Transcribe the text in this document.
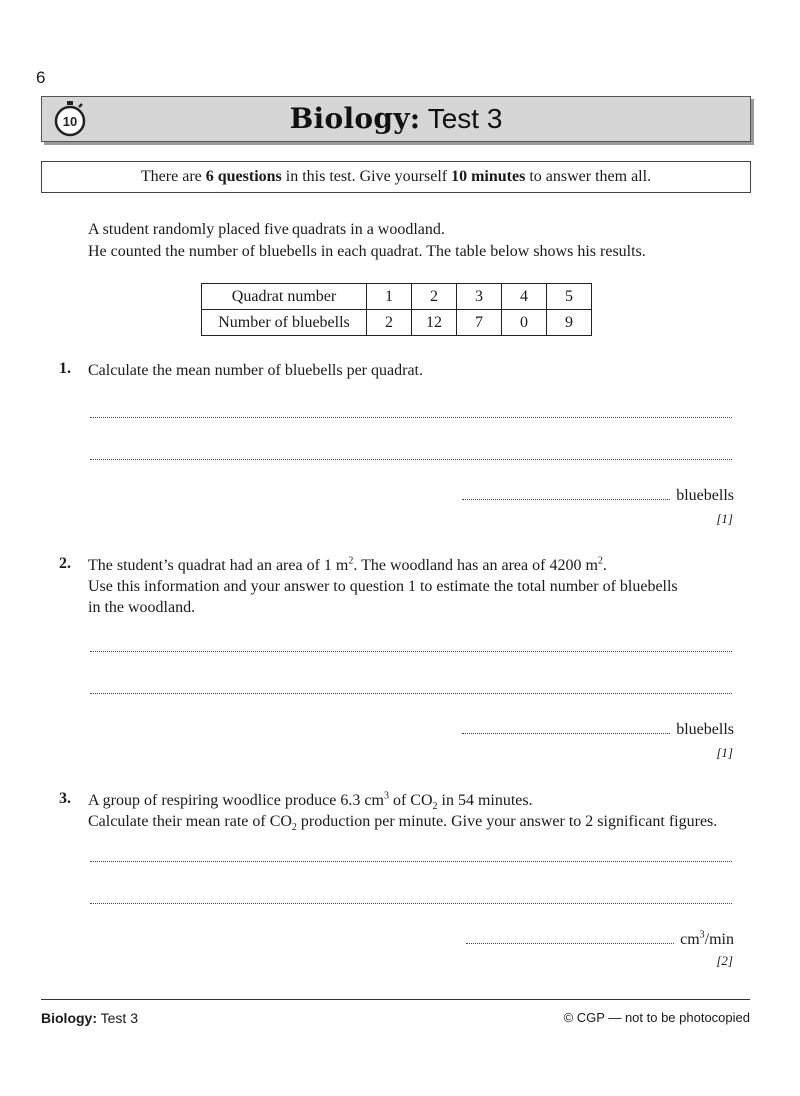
6
10	Biology: Test 3
There are 6 questions in this test. Give yourself 10 minutes to answer them all.

A student randomly placed five quadrats in a woodland.

He counted the number of bluebells in each quadrat. The table below shows his results.

Quadrat number	1	2	3	4	5
Number of bluebells	2	12	7	0	9
1. Calculate the mean number of bluebells per quadrat.

bluebells
[1]
2. The student’s quadrat had an area of 1 $m^2$. The woodland has an area of 4200 $m^2$.

Use this information and your answer to question 1 to estimate the total number of bluebells

in the woodland.

bluebells
[1]
3. A group of respiring woodlice produce 6.3 $cm^3$ of $CO_2$ in 54 minutes.

Calculate their mean rate of $CO_2$ production per minute. Give your answer to 2 significant figures.

$cm^3/\min$
[2]
Biology: Test 3	© CGP — not to be photocopied
